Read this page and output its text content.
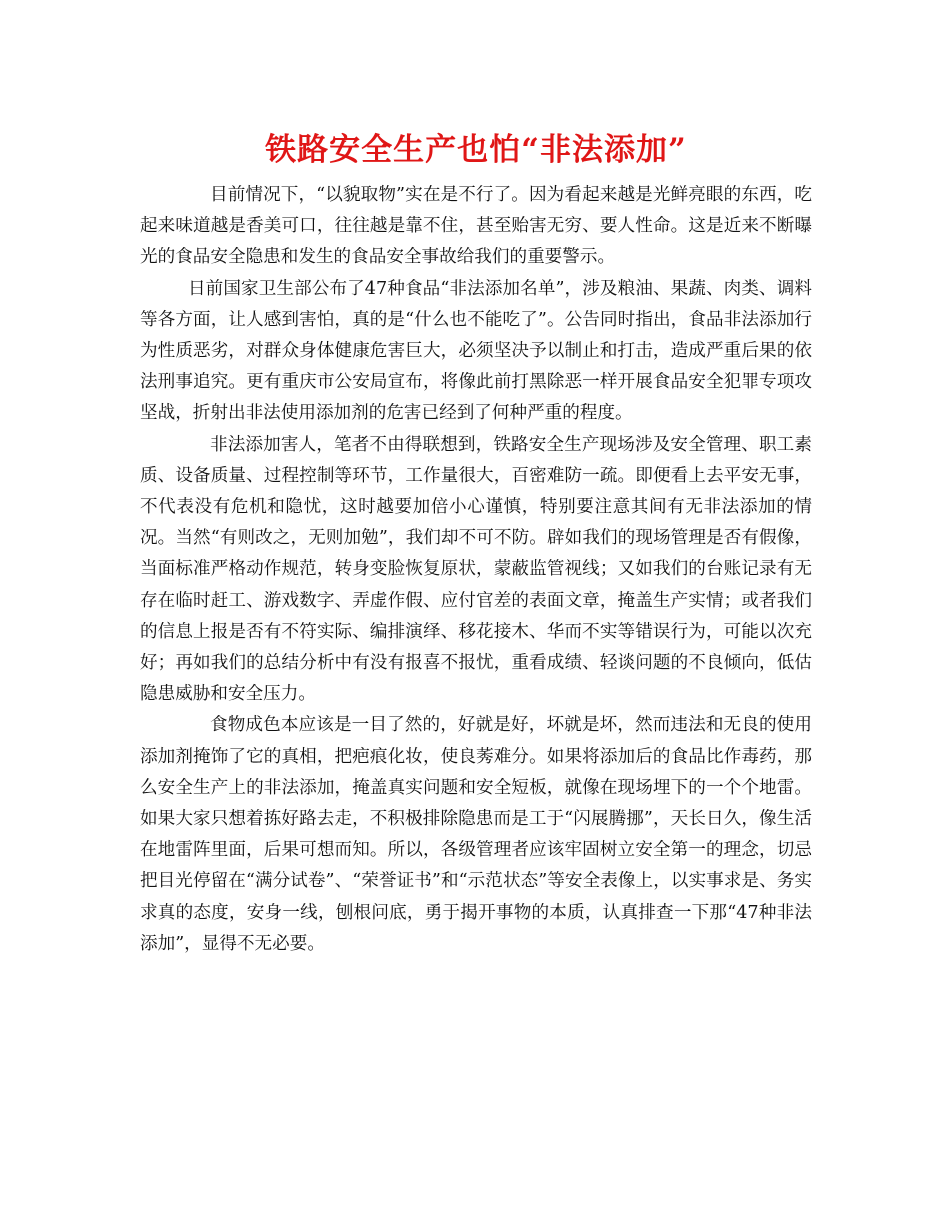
铁路安全生产也怕“非法添加”

目前情况下，“以貌取物”实在是不行了。因为看起来越是光鲜亮眼的东西，吃起来味道越是香美可口，往往越是靠不住，甚至贻害无穷、要人性命。这是近来不断曝光的食品安全隐患和发生的食品安全事故给我们的重要警示。

日前国家卫生部公布了47种食品“非法添加名单”，涉及粮油、果蔬、肉类、调料等各方面，让人感到害怕，真的是“什么也不能吃了”。公告同时指出，食品非法添加行为性质恶劣，对群众身体健康危害巨大，必须坚决予以制止和打击，造成严重后果的依法刑事追究。更有重庆市公安局宣布，将像此前打黑除恶一样开展食品安全犯罪专项攻坚战，折射出非法使用添加剂的危害已经到了何种严重的程度。

非法添加害人，笔者不由得联想到，铁路安全生产现场涉及安全管理、职工素质、设备质量、过程控制等环节，工作量很大，百密难防一疏。即便看上去平安无事，不代表没有危机和隐忧，这时越要加倍小心谨慎，特别要注意其间有无非法添加的情况。当然“有则改之，无则加勉”，我们却不可不防。辟如我们的现场管理是否有假像，当面标准严格动作规范，转身变脸恢复原状，蒙蔽监管视线；又如我们的台账记录有无存在临时赶工、游戏数字、弄虚作假、应付官差的表面文章，掩盖生产实情；或者我们的信息上报是否有不符实际、编排演绎、移花接木、华而不实等错误行为，可能以次充好；再如我们的总结分析中有没有报喜不报忧，重看成绩、轻谈问题的不良倾向，低估隐患威胁和安全压力。

食物成色本应该是一目了然的，好就是好，坏就是坏，然而违法和无良的使用添加剂掩饰了它的真相，把疤痕化妆，使良莠难分。如果将添加后的食品比作毒药，那么安全生产上的非法添加，掩盖真实问题和安全短板，就像在现场埋下的一个个地雷。如果大家只想着拣好路去走，不积极排除隐患而是工于“闪展腾挪”，天长日久，像生活在地雷阵里面，后果可想而知。所以，各级管理者应该牢固树立安全第一的理念，切忌把目光停留在“满分试卷”、“荣誉证书”和“示范状态”等安全表像上，以实事求是、务实求真的态度，安身一线，刨根问底，勇于揭开事物的本质，认真排查一下那“47种非法添加”，显得不无必要。
